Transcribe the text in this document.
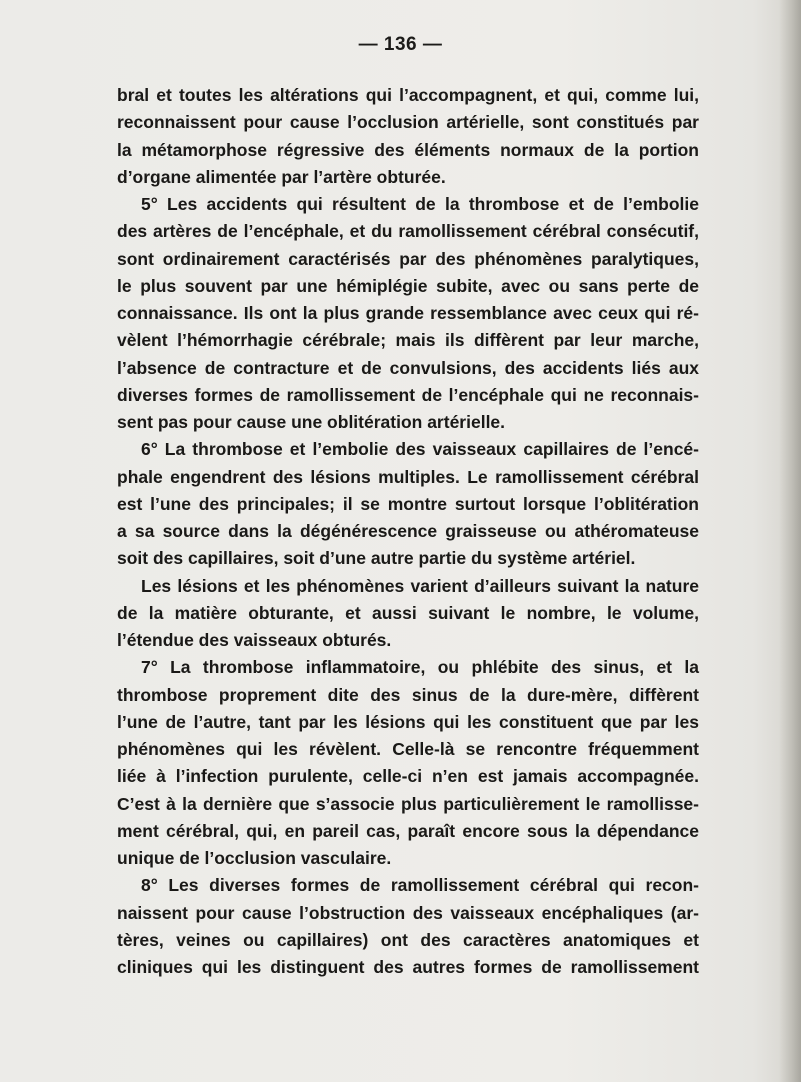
— 136 —
bral et toutes les altérations qui l’accompagnent, et qui, comme lui,
reconnaissent pour cause l’occlusion artérielle, sont constitués par
la métamorphose régressive des éléments normaux de la portion
d’organe alimentée par l’artère obturée.
5° Les accidents qui résultent de la thrombose et de l’embolie
des artères de l’encéphale, et du ramollissement cérébral consécutif,
sont ordinairement caractérisés par des phénomènes paralytiques,
le plus souvent par une hémiplégie subite, avec ou sans perte de
connaissance. Ils ont la plus grande ressemblance avec ceux qui ré-
vèlent l’hémorrhagie cérébrale; mais ils diffèrent par leur marche,
l’absence de contracture et de convulsions, des accidents liés aux
diverses formes de ramollissement de l’encéphale qui ne reconnais-
sent pas pour cause une oblitération artérielle.
6° La thrombose et l’embolie des vaisseaux capillaires de l’encé-
phale engendrent des lésions multiples. Le ramollissement cérébral
est l’une des principales; il se montre surtout lorsque l’oblitération
a sa source dans la dégénérescence graisseuse ou athéromateuse
soit des capillaires, soit d’une autre partie du système artériel.
Les lésions et les phénomènes varient d’ailleurs suivant la nature
de la matière obturante, et aussi suivant le nombre, le volume,
l’étendue des vaisseaux obturés.
7° La thrombose inflammatoire, ou phlébite des sinus, et la
thrombose proprement dite des sinus de la dure-mère, diffèrent
l’une de l’autre, tant par les lésions qui les constituent que par les
phénomènes qui les révèlent. Celle-là se rencontre fréquemment
liée à l’infection purulente, celle-ci n’en est jamais accompagnée.
C’est à la dernière que s’associe plus particulièrement le ramollisse-
ment cérébral, qui, en pareil cas, paraît encore sous la dépendance
unique de l’occlusion vasculaire.
8° Les diverses formes de ramollissement cérébral qui recon-
naissent pour cause l’obstruction des vaisseaux encéphaliques (ar-
tères, veines ou capillaires) ont des caractères anatomiques et
cliniques qui les distinguent des autres formes de ramollissement
